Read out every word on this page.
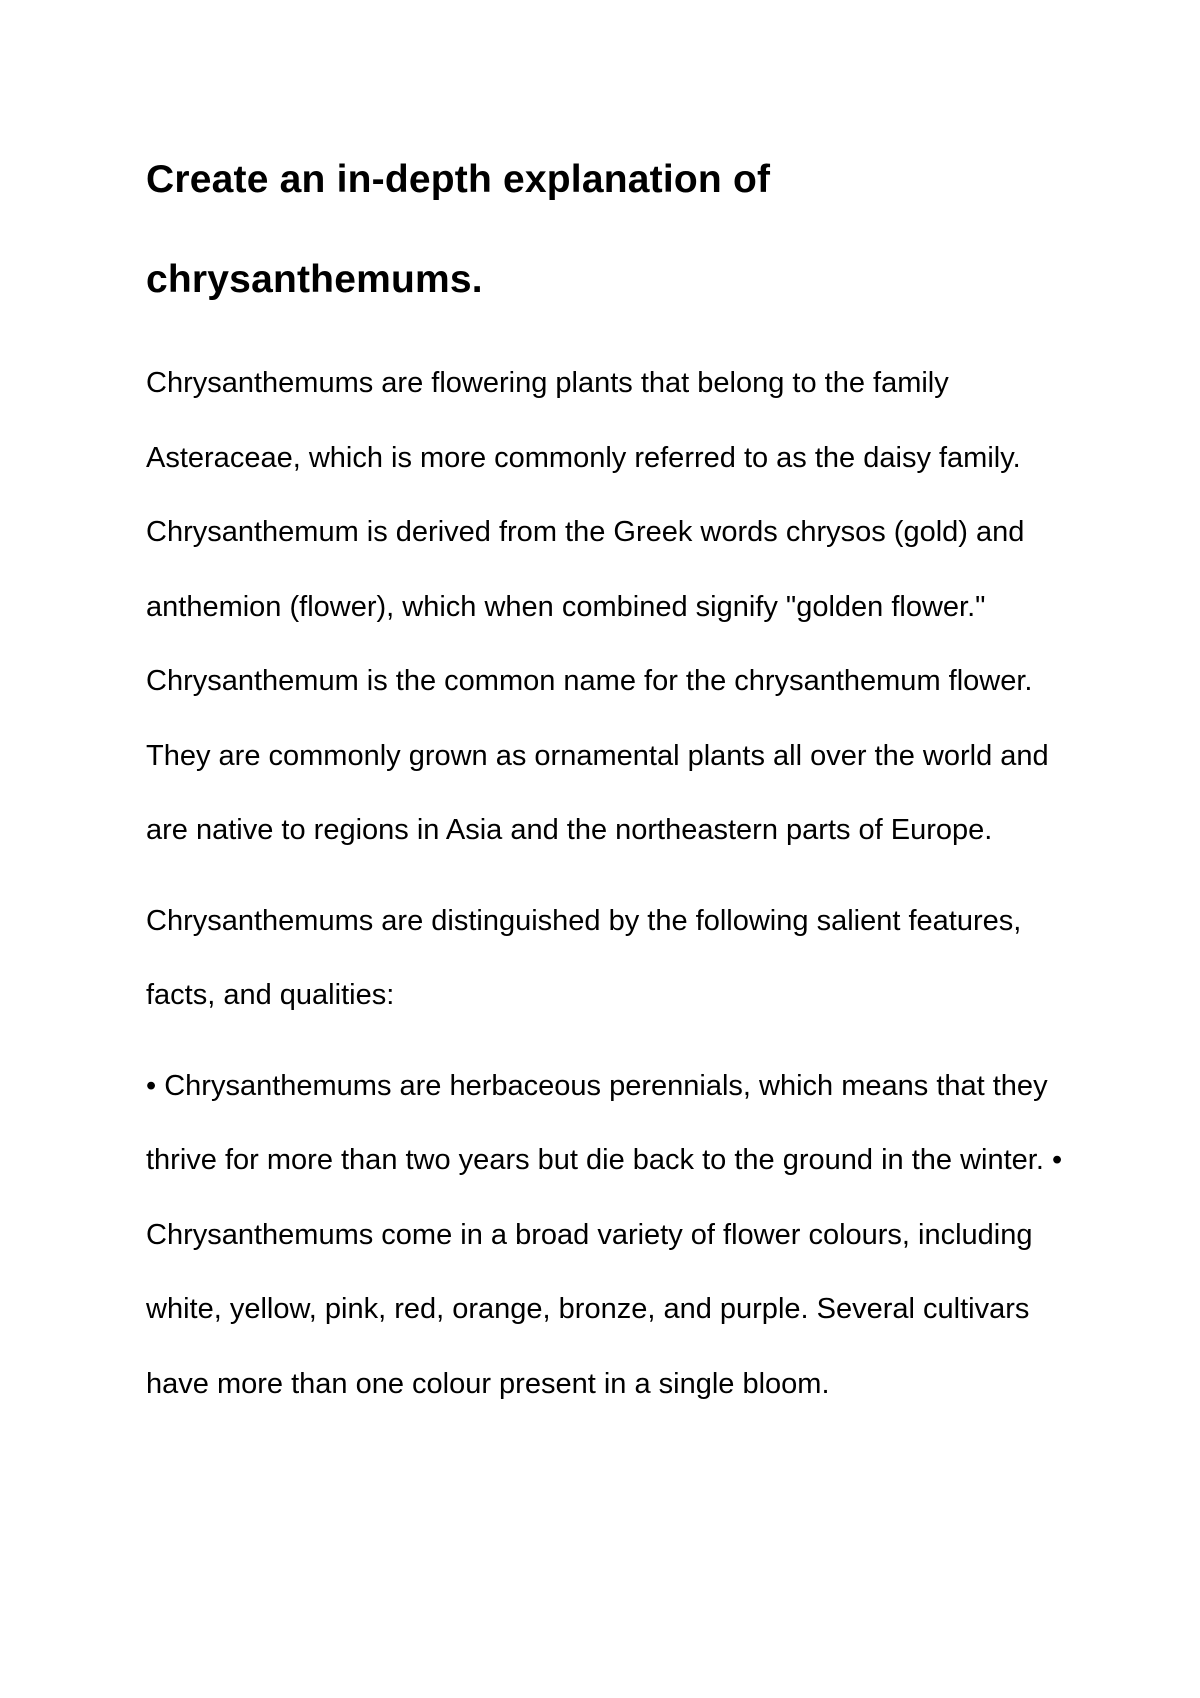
Create an in-depth explanation of chrysanthemums.

Chrysanthemums are flowering plants that belong to the family Asteraceae, which is more commonly referred to as the daisy family. Chrysanthemum is derived from the Greek words chrysos (gold) and anthemion (flower), which when combined signify "golden flower." Chrysanthemum is the common name for the chrysanthemum flower. They are commonly grown as ornamental plants all over the world and are native to regions in Asia and the northeastern parts of Europe.

Chrysanthemums are distinguished by the following salient features, facts, and qualities:

• Chrysanthemums are herbaceous perennials, which means that they thrive for more than two years but die back to the ground in the winter. • Chrysanthemums come in a broad variety of flower colours, including white, yellow, pink, red, orange, bronze, and purple. Several cultivars have more than one colour present in a single bloom.
